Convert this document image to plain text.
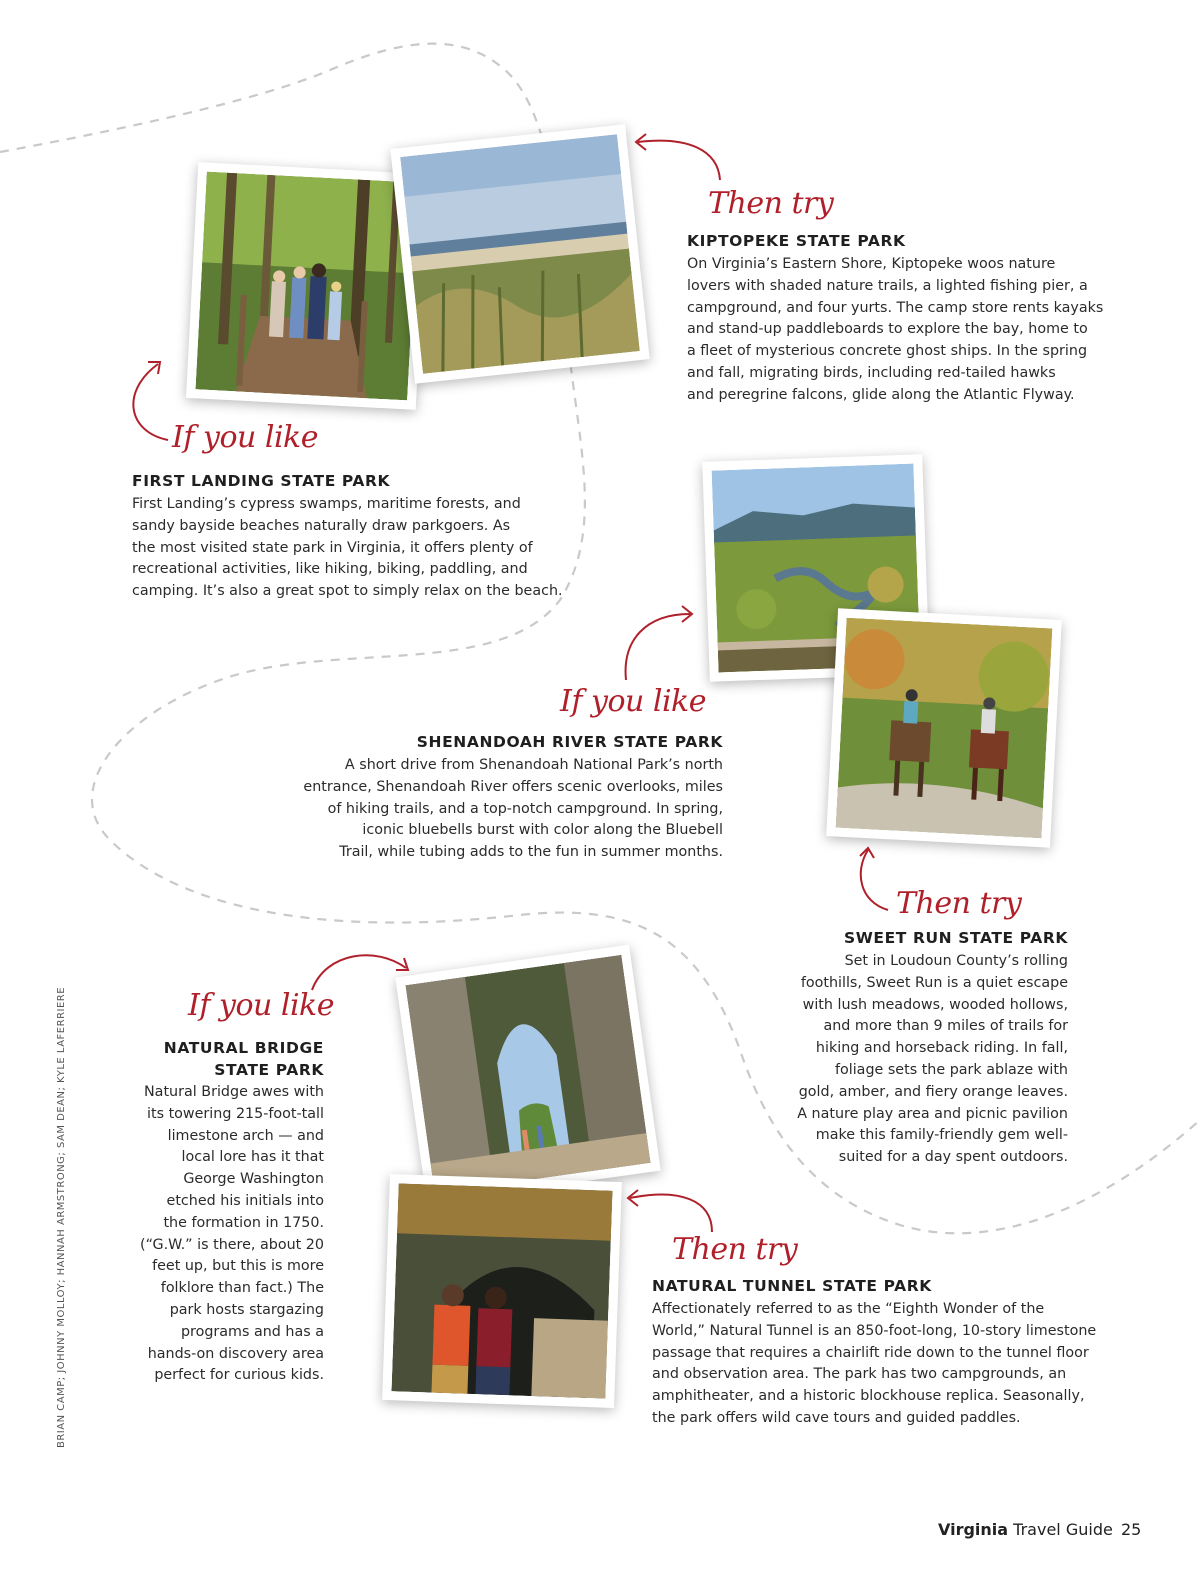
If you like
FIRST LANDING STATE PARK
First Landing’s cypress swamps, maritime forests, and
sandy bayside beaches naturally draw parkgoers. As
the most visited state park in Virginia, it offers plenty of
recreational activities, like hiking, biking, paddling, and
camping. It’s also a great spot to simply relax on the beach.
Then try
KIPTOPEKE STATE PARK
On Virginia’s Eastern Shore, Kiptopeke woos nature
lovers with shaded nature trails, a lighted fishing pier, a
campground, and four yurts. The camp store rents kayaks
and stand-up paddleboards to explore the bay, home to
a fleet of mysterious concrete ghost ships. In the spring
and fall, migrating birds, including red-tailed hawks
and peregrine falcons, glide along the Atlantic Flyway.
If you like
SHENANDOAH RIVER STATE PARK
A short drive from Shenandoah National Park’s north
entrance, Shenandoah River offers scenic overlooks, miles
of hiking trails, and a top-notch campground. In spring,
iconic bluebells burst with color along the Bluebell
Trail, while tubing adds to the fun in summer months.
Then try
SWEET RUN STATE PARK
Set in Loudoun County’s rolling
foothills, Sweet Run is a quiet escape
with lush meadows, wooded hollows,
and more than 9 miles of trails for
hiking and horseback riding. In fall,
foliage sets the park ablaze with
gold, amber, and fiery orange leaves.
A nature play area and picnic pavilion
make this family-friendly gem well-
suited for a day spent outdoors.
If you like
NATURAL BRIDGE
STATE PARK
Natural Bridge awes with
its towering 215-foot-tall
limestone arch — and
local lore has it that
George Washington
etched his initials into
the formation in 1750.
(“G.W.” is there, about 20
feet up, but this is more
folklore than fact.) The
park hosts stargazing
programs and has a
hands-on discovery area
perfect for curious kids.
Then try
NATURAL TUNNEL STATE PARK
Affectionately referred to as the “Eighth Wonder of the
World,” Natural Tunnel is an 850-foot-long, 10-story limestone
passage that requires a chairlift ride down to the tunnel floor
and observation area. The park has two campgrounds, an
amphitheater, and a historic blockhouse replica. Seasonally,
the park offers wild cave tours and guided paddles.
BRIAN CAMP; JOHNNY MOLLOY; HANNAH ARMSTRONG; SAM DEAN; KYLE LAFERRIERE
Virginia Travel Guide 25
